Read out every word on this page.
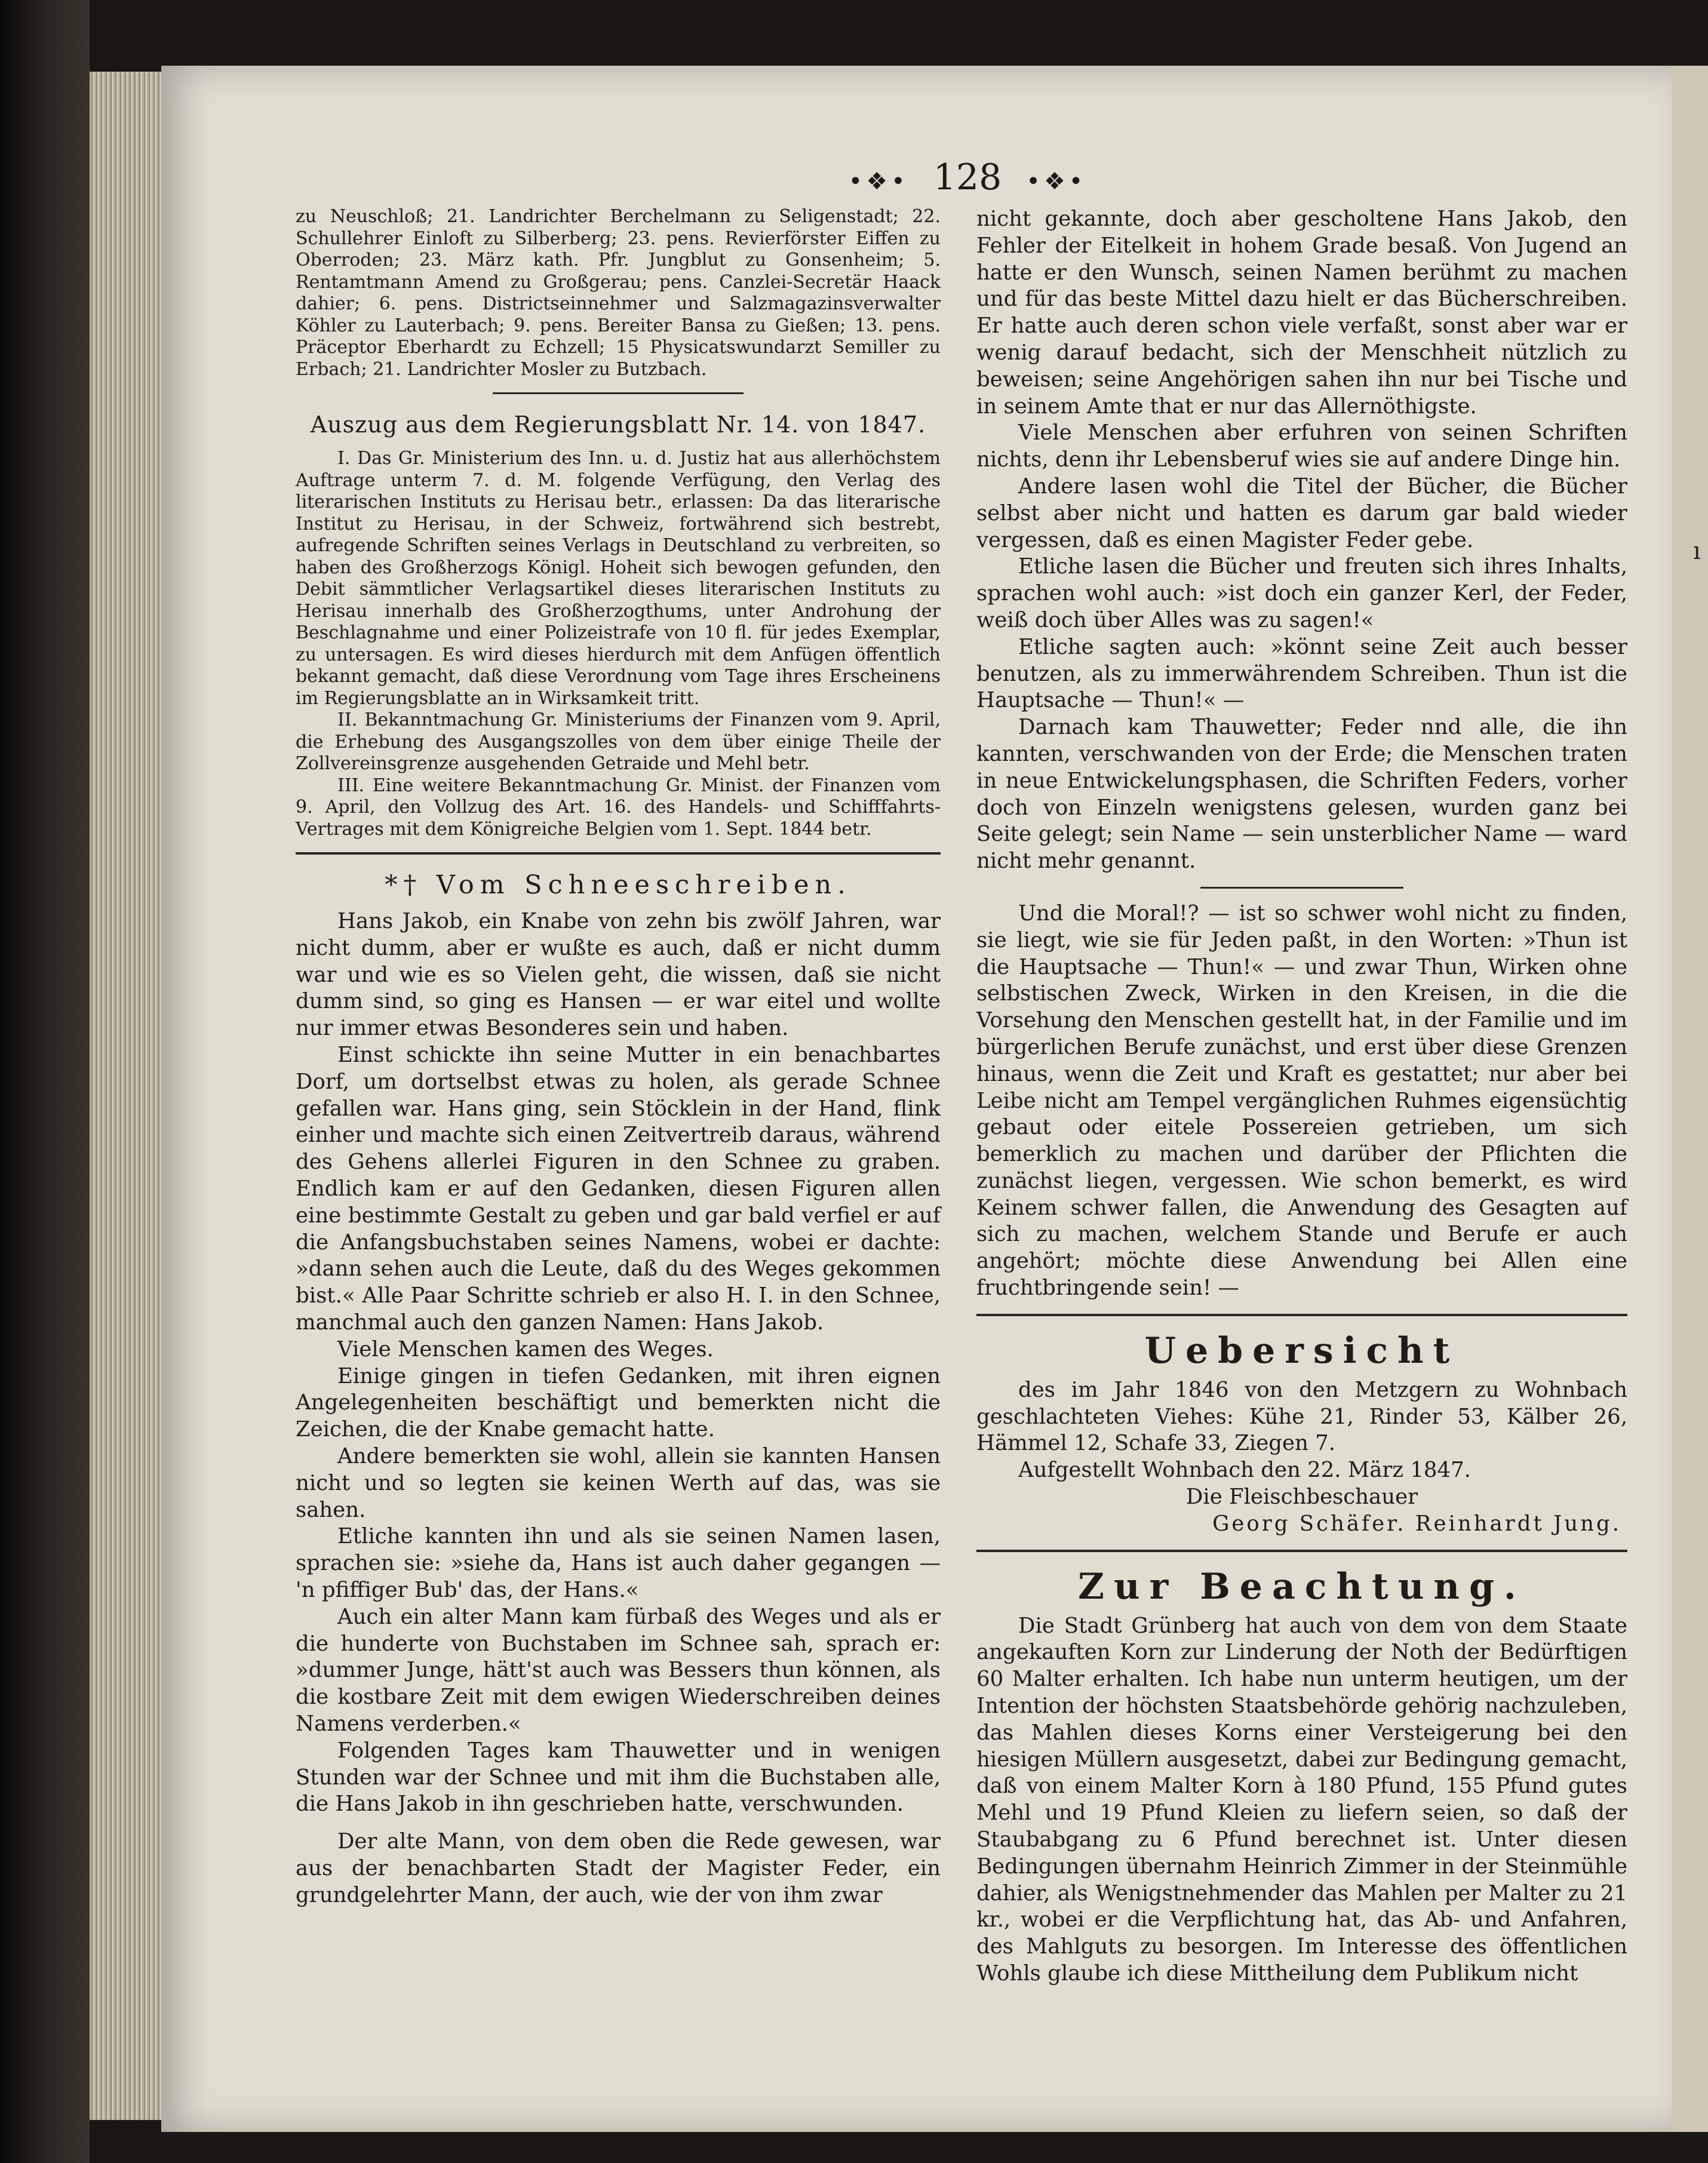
ı
•❖• 128 •❖•

zu Neuschloß; 21. Landrichter Berchelmann zu Seligenstadt; 22. Schullehrer Einloft zu Silberberg; 23. pens. Revierförster Eiffen zu Oberroden; 23. März kath. Pfr. Jungblut zu Gonsenheim; 5. Rentamtmann Amend zu Großgerau; pens. Canzlei-Secretär Haack dahier; 6. pens. Districtseinnehmer und Salzmagazinsverwalter Köhler zu Lauterbach; 9. pens. Bereiter Bansa zu Gießen; 13. pens. Präceptor Eberhardt zu Echzell; 15 Physicatswundarzt Semiller zu Erbach; 21. Landrichter Mosler zu Butzbach.

Auszug aus dem Regierungsblatt Nr. 14. von 1847.

I. Das Gr. Ministerium des Inn. u. d. Justiz hat aus allerhöchstem Auftrage unterm 7. d. M. folgende Verfügung, den Verlag des literarischen Instituts zu Herisau betr., erlassen: Da das literarische Institut zu Herisau, in der Schweiz, fortwährend sich bestrebt, aufregende Schriften seines Verlags in Deutschland zu verbreiten, so haben des Großherzogs Königl. Hoheit sich bewogen gefunden, den Debit sämmtlicher Verlagsartikel dieses literarischen Instituts zu Herisau innerhalb des Großherzogthums, unter Androhung der Beschlagnahme und einer Polizeistrafe von 10 fl. für jedes Exemplar, zu untersagen. Es wird dieses hierdurch mit dem Anfügen öffentlich bekannt gemacht, daß diese Verordnung vom Tage ihres Erscheinens im Regierungsblatte an in Wirksamkeit tritt.

II. Bekanntmachung Gr. Ministeriums der Finanzen vom 9. April, die Erhebung des Ausgangszolles von dem über einige Theile der Zollvereinsgrenze ausgehenden Getraide und Mehl betr.

III. Eine weitere Bekanntmachung Gr. Minist. der Finanzen vom 9. April, den Vollzug des Art. 16. des Handels- und Schifffahrts-Vertrages mit dem Königreiche Belgien vom 1. Sept. 1844 betr.

*† Vom Schneeschreiben.

Hans Jakob, ein Knabe von zehn bis zwölf Jahren, war nicht dumm, aber er wußte es auch, daß er nicht dumm war und wie es so Vielen geht, die wissen, daß sie nicht dumm sind, so ging es Hansen — er war eitel und wollte nur immer etwas Besonderes sein und haben.

Einst schickte ihn seine Mutter in ein benachbartes Dorf, um dortselbst etwas zu holen, als gerade Schnee gefallen war. Hans ging, sein Stöcklein in der Hand, flink einher und machte sich einen Zeitvertreib daraus, während des Gehens allerlei Figuren in den Schnee zu graben. Endlich kam er auf den Gedanken, diesen Figuren allen eine bestimmte Gestalt zu geben und gar bald verfiel er auf die Anfangsbuchstaben seines Namens, wobei er dachte: »dann sehen auch die Leute, daß du des Weges gekommen bist.« Alle Paar Schritte schrieb er also H. I. in den Schnee, manchmal auch den ganzen Namen: Hans Jakob.

Viele Menschen kamen des Weges.

Einige gingen in tiefen Gedanken, mit ihren eignen Angelegenheiten beschäftigt und bemerkten nicht die Zeichen, die der Knabe gemacht hatte.

Andere bemerkten sie wohl, allein sie kannten Hansen nicht und so legten sie keinen Werth auf das, was sie sahen.

Etliche kannten ihn und als sie seinen Namen lasen, sprachen sie: »siehe da, Hans ist auch daher gegangen — 'n pfiffiger Bub' das, der Hans.«

Auch ein alter Mann kam fürbaß des Weges und als er die hunderte von Buchstaben im Schnee sah, sprach er: »dummer Junge, hätt'st auch was Bessers thun können, als die kostbare Zeit mit dem ewigen Wiederschreiben deines Namens verderben.«

Folgenden Tages kam Thauwetter und in wenigen Stunden war der Schnee und mit ihm die Buchstaben alle, die Hans Jakob in ihn geschrieben hatte, verschwunden.

Der alte Mann, von dem oben die Rede gewesen, war aus der benachbarten Stadt der Magister Feder, ein grundgelehrter Mann, der auch, wie der von ihm zwar

nicht gekannte, doch aber gescholtene Hans Jakob, den Fehler der Eitelkeit in hohem Grade besaß. Von Jugend an hatte er den Wunsch, seinen Namen berühmt zu machen und für das beste Mittel dazu hielt er das Bücherschreiben. Er hatte auch deren schon viele verfaßt, sonst aber war er wenig darauf bedacht, sich der Menschheit nützlich zu beweisen; seine Angehörigen sahen ihn nur bei Tische und in seinem Amte that er nur das Allernöthigste.

Viele Menschen aber erfuhren von seinen Schriften nichts, denn ihr Lebensberuf wies sie auf andere Dinge hin.

Andere lasen wohl die Titel der Bücher, die Bücher selbst aber nicht und hatten es darum gar bald wieder vergessen, daß es einen Magister Feder gebe.

Etliche lasen die Bücher und freuten sich ihres Inhalts, sprachen wohl auch: »ist doch ein ganzer Kerl, der Feder, weiß doch über Alles was zu sagen!«

Etliche sagten auch: »könnt seine Zeit auch besser benutzen, als zu immerwährendem Schreiben. Thun ist die Hauptsache — Thun!« —

Darnach kam Thauwetter; Feder nnd alle, die ihn kannten, verschwanden von der Erde; die Menschen traten in neue Entwickelungsphasen, die Schriften Feders, vorher doch von Einzeln wenigstens gelesen, wurden ganz bei Seite gelegt; sein Name — sein unsterblicher Name — ward nicht mehr genannt.

Und die Moral!? — ist so schwer wohl nicht zu finden, sie liegt, wie sie für Jeden paßt, in den Worten: »Thun ist die Hauptsache — Thun!« — und zwar Thun, Wirken ohne selbstischen Zweck, Wirken in den Kreisen, in die die Vorsehung den Menschen gestellt hat, in der Familie und im bürgerlichen Berufe zunächst, und erst über diese Grenzen hinaus, wenn die Zeit und Kraft es gestattet; nur aber bei Leibe nicht am Tempel vergänglichen Ruhmes eigensüchtig gebaut oder eitele Possereien getrieben, um sich bemerklich zu machen und darüber der Pflichten die zunächst liegen, vergessen. Wie schon bemerkt, es wird Keinem schwer fallen, die Anwendung des Gesagten auf sich zu machen, welchem Stande und Berufe er auch angehört; möchte diese Anwendung bei Allen eine fruchtbringende sein! —

Uebersicht

des im Jahr 1846 von den Metzgern zu Wohnbach geschlachteten Viehes: Kühe 21, Rinder 53, Kälber 26, Hämmel 12, Schafe 33, Ziegen 7.

Aufgestellt Wohnbach den 22. März 1847.

Die Fleischbeschauer

Georg Schäfer. Reinhardt Jung.

Zur Beachtung.

Die Stadt Grünberg hat auch von dem von dem Staate angekauften Korn zur Linderung der Noth der Bedürftigen 60 Malter erhalten. Ich habe nun unterm heutigen, um der Intention der höchsten Staatsbehörde gehörig nachzuleben, das Mahlen dieses Korns einer Versteigerung bei den hiesigen Müllern ausgesetzt, dabei zur Bedingung gemacht, daß von einem Malter Korn à 180 Pfund, 155 Pfund gutes Mehl und 19 Pfund Kleien zu liefern seien, so daß der Staubabgang zu 6 Pfund berechnet ist. Unter diesen Bedingungen übernahm Heinrich Zimmer in der Steinmühle dahier, als Wenigstnehmender das Mahlen per Malter zu 21 kr., wobei er die Verpflichtung hat, das Ab- und Anfahren, des Mahlguts zu besorgen. Im Interesse des öffentlichen Wohls glaube ich diese Mittheilung dem Publikum nicht
